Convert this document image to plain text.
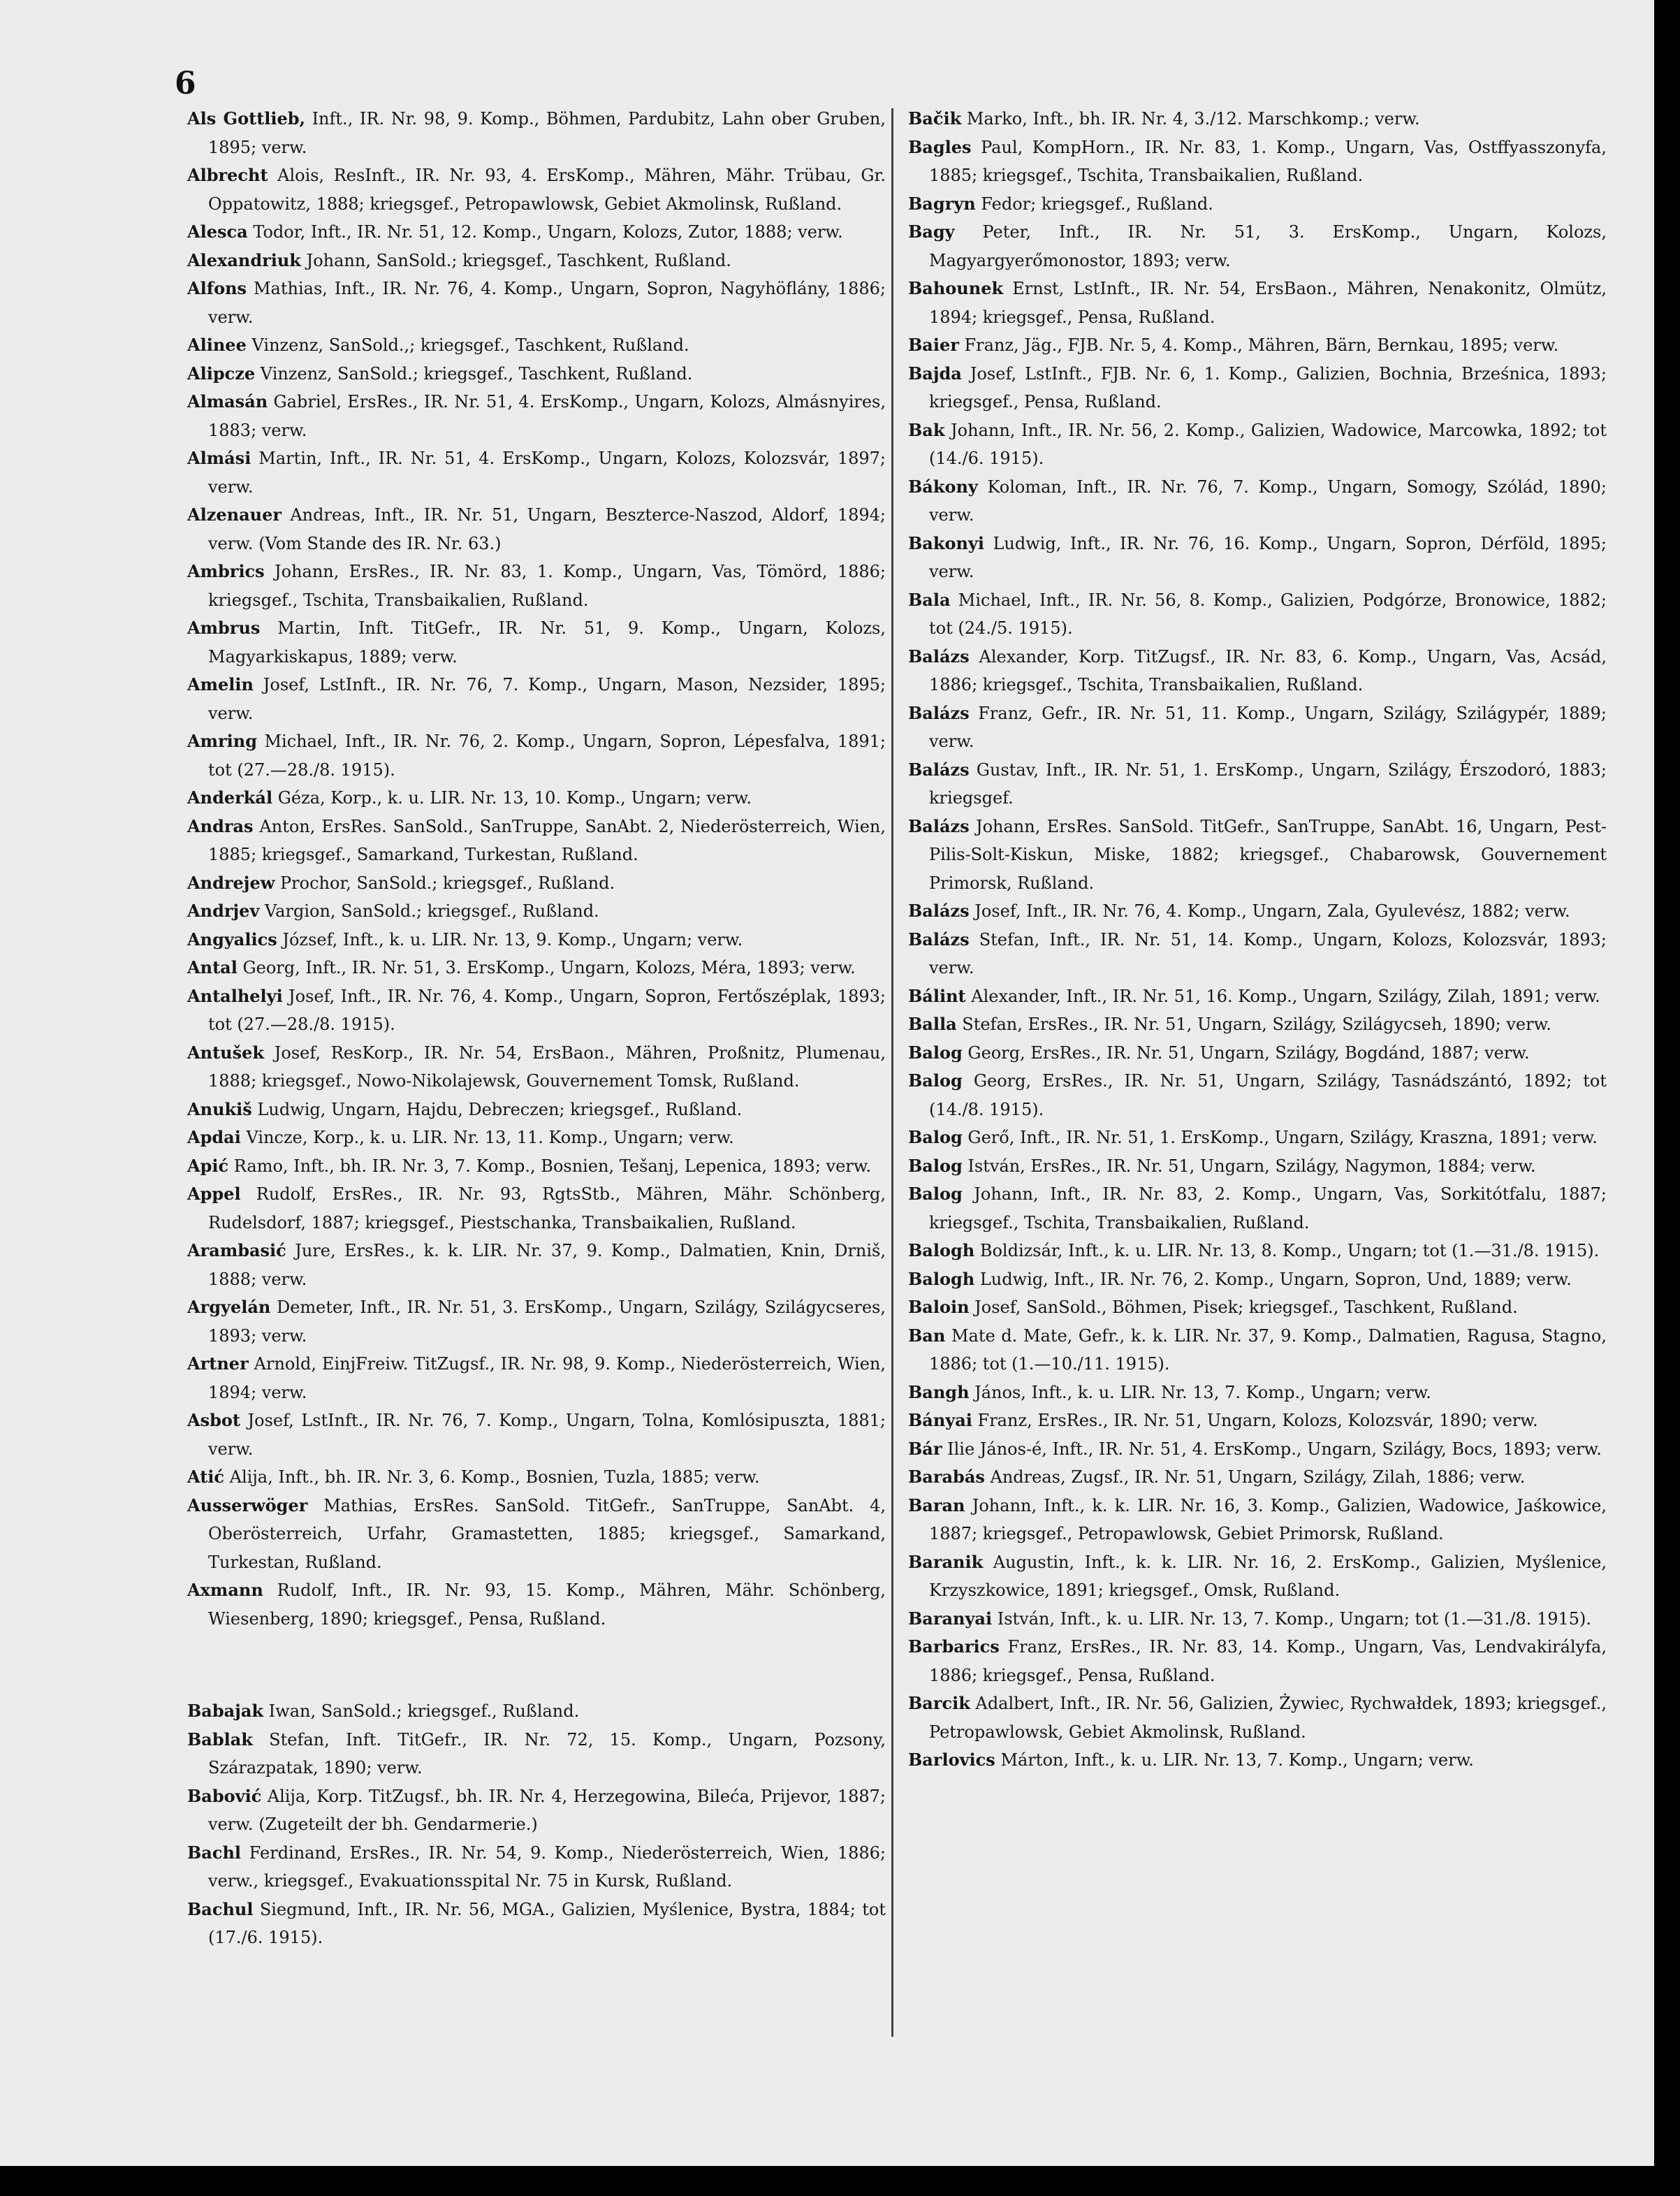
6

Als Gottlieb, Inft., IR. Nr. 98, 9. Komp., Böhmen, Pardubitz, Lahn ober Gruben, 1895; verw.

Albrecht Alois, ResInft., IR. Nr. 93, 4. ErsKomp., Mähren, Mähr. Trübau, Gr. Oppatowitz, 1888; kriegsgef., Petropawlowsk, Gebiet Akmolinsk, Rußland.

Alesca Todor, Inft., IR. Nr. 51, 12. Komp., Ungarn, Kolozs, Zutor, 1888; verw.

Alexandriuk Johann, SanSold.; kriegsgef., Taschkent, Rußland.

Alfons Mathias, Inft., IR. Nr. 76, 4. Komp., Ungarn, Sopron, Nagyhöflány, 1886; verw.

Alinee Vinzenz, SanSold.,; kriegsgef., Taschkent, Rußland.

Alipcze Vinzenz, SanSold.; kriegsgef., Taschkent, Rußland.

Almasán Gabriel, ErsRes., IR. Nr. 51, 4. ErsKomp., Ungarn, Kolozs, Almásnyires, 1883; verw.

Almási Martin, Inft., IR. Nr. 51, 4. ErsKomp., Ungarn, Kolozs, Kolozsvár, 1897; verw.

Alzenauer Andreas, Inft., IR. Nr. 51, Ungarn, Beszterce-Naszod, Aldorf, 1894; verw. (Vom Stande des IR. Nr. 63.)

Ambrics Johann, ErsRes., IR. Nr. 83, 1. Komp., Ungarn, Vas, Tömörd, 1886; kriegsgef., Tschita, Transbaikalien, Rußland.

Ambrus Martin, Inft. TitGefr., IR. Nr. 51, 9. Komp., Ungarn, Kolozs, Magyarkiskapus, 1889; verw.

Amelin Josef, LstInft., IR. Nr. 76, 7. Komp., Ungarn, Mason, Nezsider, 1895; verw.

Amring Michael, Inft., IR. Nr. 76, 2. Komp., Ungarn, Sopron, Lépesfalva, 1891; tot (27.—28./8. 1915).

Anderkál Géza, Korp., k. u. LIR. Nr. 13, 10. Komp., Ungarn; verw.

Andras Anton, ErsRes. SanSold., SanTruppe, SanAbt. 2, Niederösterreich, Wien, 1885; kriegsgef., Samarkand, Turkestan, Rußland.

Andrejew Prochor, SanSold.; kriegsgef., Rußland.

Andrjev Vargion, SanSold.; kriegsgef., Rußland.

Angyalics József, Inft., k. u. LIR. Nr. 13, 9. Komp., Ungarn; verw.

Antal Georg, Inft., IR. Nr. 51, 3. ErsKomp., Ungarn, Kolozs, Méra, 1893; verw.

Antalhelyi Josef, Inft., IR. Nr. 76, 4. Komp., Ungarn, Sopron, Fertőszéplak, 1893; tot (27.—28./8. 1915).

Antušek Josef, ResKorp., IR. Nr. 54, ErsBaon., Mähren, Proßnitz, Plumenau, 1888; kriegsgef., Nowo-Nikolajewsk, Gouvernement Tomsk, Rußland.

Anukiš Ludwig, Ungarn, Hajdu, Debreczen; kriegsgef., Rußland.

Apdai Vincze, Korp., k. u. LIR. Nr. 13, 11. Komp., Ungarn; verw.

Apić Ramo, Inft., bh. IR. Nr. 3, 7. Komp., Bosnien, Tešanj, Lepenica, 1893; verw.

Appel Rudolf, ErsRes., IR. Nr. 93, RgtsStb., Mähren, Mähr. Schönberg, Rudelsdorf, 1887; kriegsgef., Piestschanka, Transbaikalien, Rußland.

Arambasić Jure, ErsRes., k. k. LIR. Nr. 37, 9. Komp., Dalmatien, Knin, Drniš, 1888; verw.

Argyelán Demeter, Inft., IR. Nr. 51, 3. ErsKomp., Ungarn, Szilágy, Szilágycseres, 1893; verw.

Artner Arnold, EinjFreiw. TitZugsf., IR. Nr. 98, 9. Komp., Niederösterreich, Wien, 1894; verw.

Asbot Josef, LstInft., IR. Nr. 76, 7. Komp., Ungarn, Tolna, Komlósipuszta, 1881; verw.

Atić Alija, Inft., bh. IR. Nr. 3, 6. Komp., Bosnien, Tuzla, 1885; verw.

Ausserwöger Mathias, ErsRes. SanSold. TitGefr., SanTruppe, SanAbt. 4, Oberösterreich, Urfahr, Gramastetten, 1885; kriegsgef., Samarkand, Turkestan, Rußland.

Axmann Rudolf, Inft., IR. Nr. 93, 15. Komp., Mähren, Mähr. Schönberg, Wiesenberg, 1890; kriegsgef., Pensa, Rußland.

Babajak Iwan, SanSold.; kriegsgef., Rußland.

Bablak Stefan, Inft. TitGefr., IR. Nr. 72, 15. Komp., Ungarn, Pozsony, Szárazpatak, 1890; verw.

Babović Alija, Korp. TitZugsf., bh. IR. Nr. 4, Herzegowina, Bileća, Prijevor, 1887; verw. (Zugeteilt der bh. Gendarmerie.)

Bachl Ferdinand, ErsRes., IR. Nr. 54, 9. Komp., Niederösterreich, Wien, 1886; verw., kriegsgef., Evakuationsspital Nr. 75 in Kursk, Rußland.

Bachul Siegmund, Inft., IR. Nr. 56, MGA., Galizien, Myślenice, Bystra, 1884; tot (17./6. 1915).

Bačik Marko, Inft., bh. IR. Nr. 4, 3./12. Marschkomp.; verw.

Bagles Paul, KompHorn., IR. Nr. 83, 1. Komp., Ungarn, Vas, Ostffyasszonyfa, 1885; kriegsgef., Tschita, Transbaikalien, Rußland.

Bagryn Fedor; kriegsgef., Rußland.

Bagy Peter, Inft., IR. Nr. 51, 3. ErsKomp., Ungarn, Kolozs, Magyargyerőmonostor, 1893; verw.

Bahounek Ernst, LstInft., IR. Nr. 54, ErsBaon., Mähren, Nenakonitz, Olmütz, 1894; kriegsgef., Pensa, Rußland.

Baier Franz, Jäg., FJB. Nr. 5, 4. Komp., Mähren, Bärn, Bernkau, 1895; verw.

Bajda Josef, LstInft., FJB. Nr. 6, 1. Komp., Galizien, Bochnia, Brześnica, 1893; kriegsgef., Pensa, Rußland.

Bak Johann, Inft., IR. Nr. 56, 2. Komp., Galizien, Wadowice, Marcowka, 1892; tot (14./6. 1915).

Bákony Koloman, Inft., IR. Nr. 76, 7. Komp., Ungarn, Somogy, Szólád, 1890; verw.

Bakonyi Ludwig, Inft., IR. Nr. 76, 16. Komp., Ungarn, Sopron, Dérföld, 1895; verw.

Bala Michael, Inft., IR. Nr. 56, 8. Komp., Galizien, Podgórze, Bronowice, 1882; tot (24./5. 1915).

Balázs Alexander, Korp. TitZugsf., IR. Nr. 83, 6. Komp., Ungarn, Vas, Acsád, 1886; kriegsgef., Tschita, Transbaikalien, Rußland.

Balázs Franz, Gefr., IR. Nr. 51, 11. Komp., Ungarn, Szilágy, Szilágypér, 1889; verw.

Balázs Gustav, Inft., IR. Nr. 51, 1. ErsKomp., Ungarn, Szilágy, Érszodoró, 1883; kriegsgef.

Balázs Johann, ErsRes. SanSold. TitGefr., SanTruppe, SanAbt. 16, Ungarn, Pest-Pilis-Solt-Kiskun, Miske, 1882; kriegsgef., Chabarowsk, Gouvernement Primorsk, Rußland.

Balázs Josef, Inft., IR. Nr. 76, 4. Komp., Ungarn, Zala, Gyulevész, 1882; verw.

Balázs Stefan, Inft., IR. Nr. 51, 14. Komp., Ungarn, Kolozs, Kolozsvár, 1893; verw.

Bálint Alexander, Inft., IR. Nr. 51, 16. Komp., Ungarn, Szilágy, Zilah, 1891; verw.

Balla Stefan, ErsRes., IR. Nr. 51, Ungarn, Szilágy, Szilágycseh, 1890; verw.

Balog Georg, ErsRes., IR. Nr. 51, Ungarn, Szilágy, Bogdánd, 1887; verw.

Balog Georg, ErsRes., IR. Nr. 51, Ungarn, Szilágy, Tasnádszántó, 1892; tot (14./8. 1915).

Balog Gerő, Inft., IR. Nr. 51, 1. ErsKomp., Ungarn, Szilágy, Kraszna, 1891; verw.

Balog István, ErsRes., IR. Nr. 51, Ungarn, Szilágy, Nagymon, 1884; verw.

Balog Johann, Inft., IR. Nr. 83, 2. Komp., Ungarn, Vas, Sorkitótfalu, 1887; kriegsgef., Tschita, Transbaikalien, Rußland.

Balogh Boldizsár, Inft., k. u. LIR. Nr. 13, 8. Komp., Ungarn; tot (1.—31./8. 1915).

Balogh Ludwig, Inft., IR. Nr. 76, 2. Komp., Ungarn, Sopron, Und, 1889; verw.

Baloin Josef, SanSold., Böhmen, Pisek; kriegsgef., Taschkent, Rußland.

Ban Mate d. Mate, Gefr., k. k. LIR. Nr. 37, 9. Komp., Dalmatien, Ragusa, Stagno, 1886; tot (1.—10./11. 1915).

Bangh János, Inft., k. u. LIR. Nr. 13, 7. Komp., Ungarn; verw.

Bányai Franz, ErsRes., IR. Nr. 51, Ungarn, Kolozs, Kolozsvár, 1890; verw.

Bár Ilie János-é, Inft., IR. Nr. 51, 4. ErsKomp., Ungarn, Szilágy, Bocs, 1893; verw.

Barabás Andreas, Zugsf., IR. Nr. 51, Ungarn, Szilágy, Zilah, 1886; verw.

Baran Johann, Inft., k. k. LIR. Nr. 16, 3. Komp., Galizien, Wadowice, Jaśkowice, 1887; kriegsgef., Petropawlowsk, Gebiet Primorsk, Rußland.

Baranik Augustin, Inft., k. k. LIR. Nr. 16, 2. ErsKomp., Galizien, Myślenice, Krzyszkowice, 1891; kriegsgef., Omsk, Rußland.

Baranyai István, Inft., k. u. LIR. Nr. 13, 7. Komp., Ungarn; tot (1.—31./8. 1915).

Barbarics Franz, ErsRes., IR. Nr. 83, 14. Komp., Ungarn, Vas, Lendvakirályfa, 1886; kriegsgef., Pensa, Rußland.

Barcik Adalbert, Inft., IR. Nr. 56, Galizien, Żywiec, Rychwałdek, 1893; kriegsgef., Petropawlowsk, Gebiet Akmolinsk, Rußland.

Barlovics Márton, Inft., k. u. LIR. Nr. 13, 7. Komp., Ungarn; verw.
